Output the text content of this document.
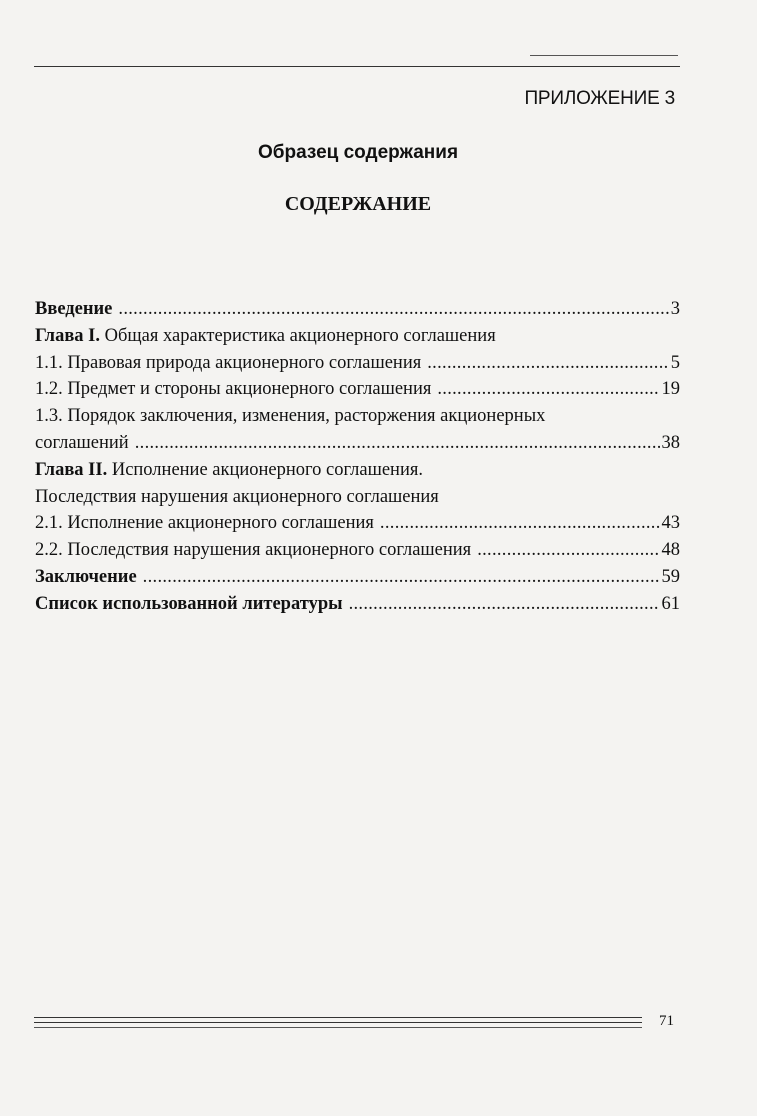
ПРИЛОЖЕНИЕ 3
Образец содержания
СОДЕРЖАНИЕ
Введение .....	3
Глава I. Общая характеристика акционерного соглашения
1.1. Правовая природа акционерного соглашения .....	5
1.2. Предмет и стороны акционерного соглашения .....	19
1.3. Порядок заключения, изменения, расторжения акционерных
соглашений .....	38
Глава II. Исполнение акционерного соглашения.
Последствия нарушения акционерного соглашения
2.1. Исполнение акционерного соглашения .....	43
2.2. Последствия нарушения акционерного соглашения .....	48
Заключение .....	59
Список использованной литературы .....	61
71
